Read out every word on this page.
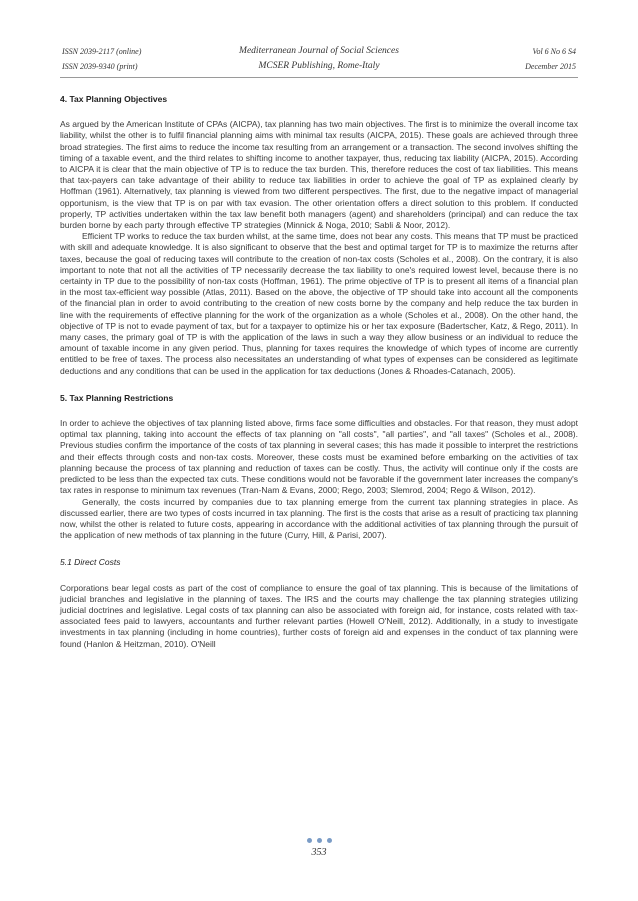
ISSN 2039-2117 (online)
ISSN 2039-9340 (print)
Mediterranean Journal of Social Sciences
MCSER Publishing, Rome-Italy
Vol 6 No 6 S4
December 2015
4. Tax Planning Objectives

As argued by the American Institute of CPAs (AICPA), tax planning has two main objectives. The first is to minimize the overall income tax liability, whilst the other is to fulfil financial planning aims with minimal tax results (AICPA, 2015). These goals are achieved through three broad strategies. The first aims to reduce the income tax resulting from an arrangement or a transaction. The second involves shifting the timing of a taxable event, and the third relates to shifting income to another taxpayer, thus, reducing tax liability (AICPA, 2015). According to AICPA it is clear that the main objective of TP is to reduce the tax burden. This, therefore reduces the cost of tax liabilities. This means that tax-payers can take advantage of their ability to reduce tax liabilities in order to achieve the goal of TP as explained clearly by Hoffman (1961). Alternatively, tax planning is viewed from two different perspectives. The first, due to the negative impact of managerial opportunism, is the view that TP is on par with tax evasion. The other orientation offers a direct solution to this problem. If conducted properly, TP activities undertaken within the tax law benefit both managers (agent) and shareholders (principal) and can reduce the tax burden borne by each party through effective TP strategies (Minnick & Noga, 2010; Sabli & Noor, 2012).

Efficient TP works to reduce the tax burden whilst, at the same time, does not bear any costs. This means that TP must be practiced with skill and adequate knowledge. It is also significant to observe that the best and optimal target for TP is to maximize the returns after taxes, because the goal of reducing taxes will contribute to the creation of non-tax costs (Scholes et al., 2008). On the contrary, it is also important to note that not all the activities of TP necessarily decrease the tax liability to one's required lowest level, because there is no certainty in TP due to the possibility of non-tax costs (Hoffman, 1961). The prime objective of TP is to present all items of a financial plan in the most tax-efficient way possible (Atlas, 2011). Based on the above, the objective of TP should take into account all the components of the financial plan in order to avoid contributing to the creation of new costs borne by the company and help reduce the tax burden in line with the requirements of effective planning for the work of the organization as a whole (Scholes et al., 2008). On the other hand, the objective of TP is not to evade payment of tax, but for a taxpayer to optimize his or her tax exposure (Badertscher, Katz, & Rego, 2011). In many cases, the primary goal of TP is with the application of the laws in such a way they allow business or an individual to reduce the amount of taxable income in any given period. Thus, planning for taxes requires the knowledge of which types of income are currently entitled to be free of taxes. The process also necessitates an understanding of what types of expenses can be considered as legitimate deductions and any conditions that can be used in the application for tax deductions (Jones & Rhoades-Catanach, 2005).

5. Tax Planning Restrictions

In order to achieve the objectives of tax planning listed above, firms face some difficulties and obstacles. For that reason, they must adopt optimal tax planning, taking into account the effects of tax planning on "all costs", "all parties", and "all taxes" (Scholes et al., 2008). Previous studies confirm the importance of the costs of tax planning in several cases; this has made it possible to interpret the restrictions and their effects through costs and non-tax costs. Moreover, these costs must be examined before embarking on the activities of tax planning because the process of tax planning and reduction of taxes can be costly. Thus, the activity will continue only if the costs are predicted to be less than the expected tax cuts. These conditions would not be favorable if the government later increases the company's tax rates in response to minimum tax revenues (Tran-Nam & Evans, 2000; Rego, 2003; Slemrod, 2004; Rego & Wilson, 2012).

Generally, the costs incurred by companies due to tax planning emerge from the current tax planning strategies in place. As discussed earlier, there are two types of costs incurred in tax planning. The first is the costs that arise as a result of practicing tax planning now, whilst the other is related to future costs, appearing in accordance with the additional activities of tax planning through the pursuit of the application of new methods of tax planning in the future (Curry, Hill, & Parisi, 2007).

5.1 Direct Costs

Corporations bear legal costs as part of the cost of compliance to ensure the goal of tax planning. This is because of the limitations of judicial branches and legislative in the planning of taxes. The IRS and the courts may challenge the tax planning strategies utilizing judicial doctrines and legislative. Legal costs of tax planning can also be associated with foreign aid, for instance, costs related with tax-associated fees paid to lawyers, accountants and further relevant parties (Howell O'Neill, 2012). Additionally, in a study to investigate investments in tax planning (including in home countries), further costs of foreign aid and expenses in the conduct of tax planning were found (Hanlon & Heitzman, 2010). O'Neill

353
